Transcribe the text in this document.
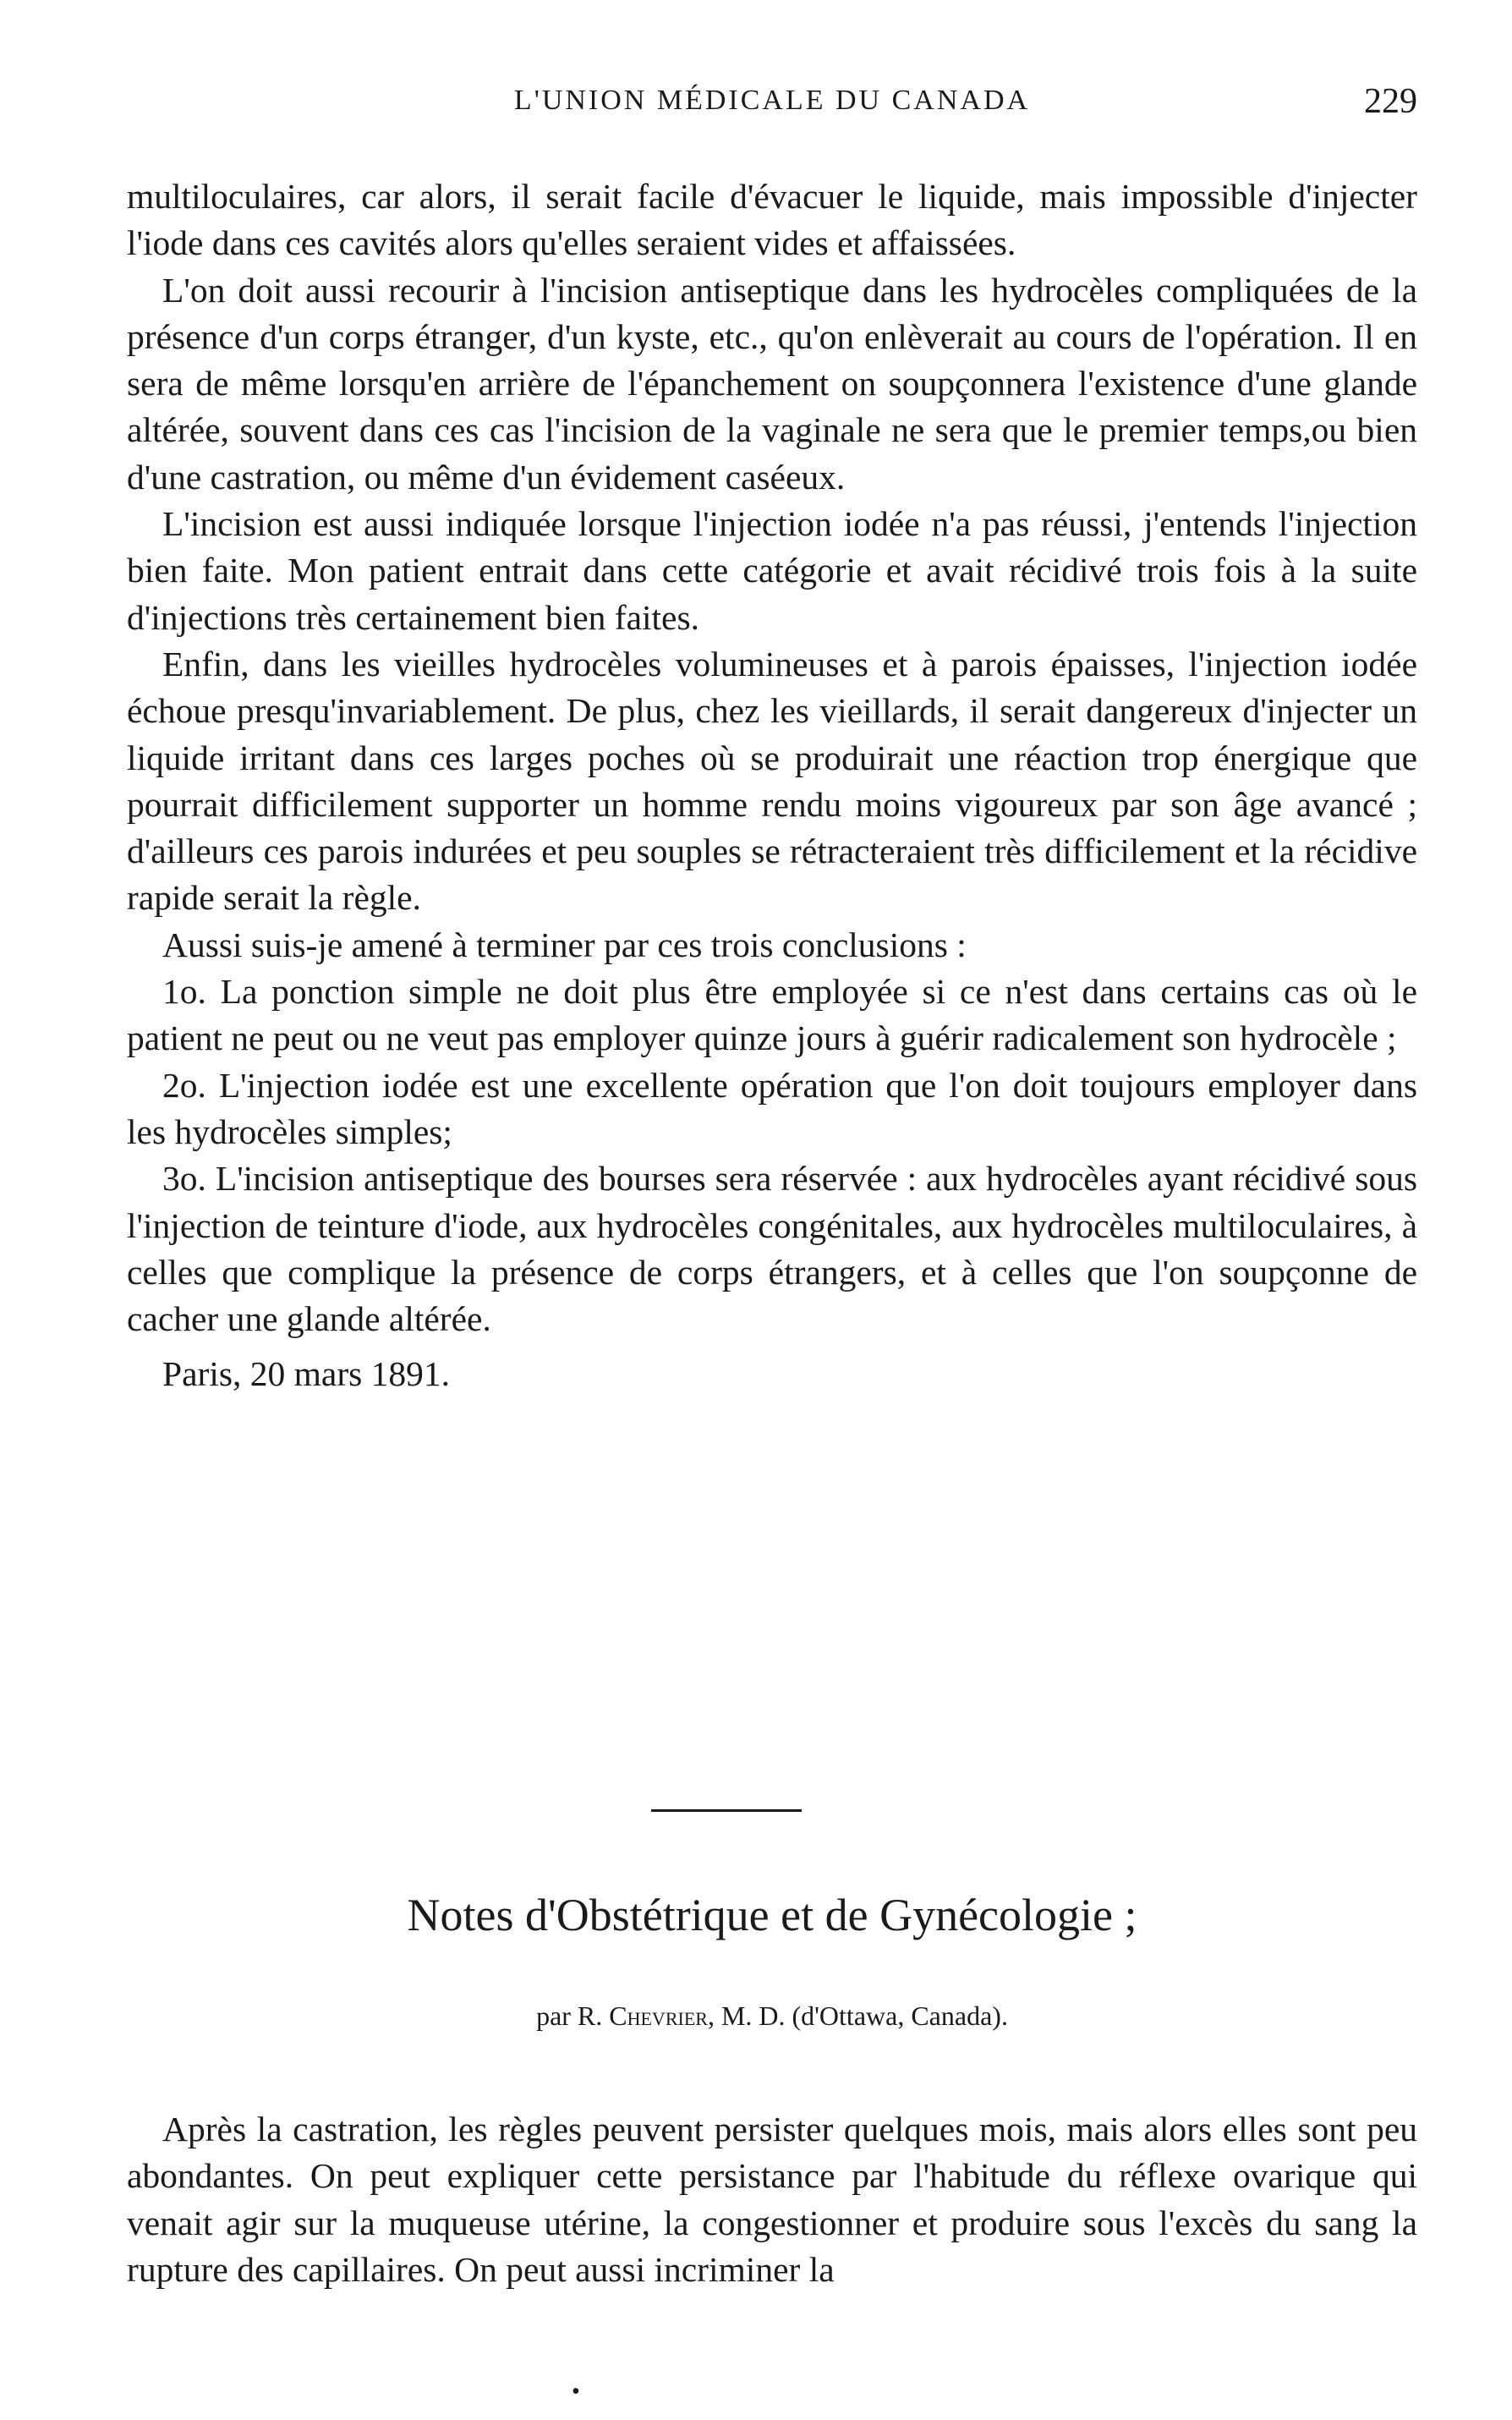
L'UNION MÉDICALE DU CANADA	229

multiloculaires, car alors, il serait facile d'évacuer le liquide, mais impossible d'injecter l'iode dans ces cavités alors qu'elles seraient vides et affaissées.

L'on doit aussi recourir à l'incision antiseptique dans les hydrocèles compliquées de la présence d'un corps étranger, d'un kyste, etc., qu'on enlèverait au cours de l'opération. Il en sera de même lorsqu'en arrière de l'épanchement on soupçonnera l'existence d'une glande altérée, souvent dans ces cas l'incision de la vaginale ne sera que le premier temps,ou bien d'une castration, ou même d'un évidement caséeux.

L'incision est aussi indiquée lorsque l'injection iodée n'a pas réussi, j'entends l'injection bien faite. Mon patient entrait dans cette catégorie et avait récidivé trois fois à la suite d'injections très certainement bien faites.

Enfin, dans les vieilles hydrocèles volumineuses et à parois épaisses, l'injection iodée échoue presqu'invariablement. De plus, chez les vieillards, il serait dangereux d'injecter un liquide irritant dans ces larges poches où se produirait une réaction trop énergique que pourrait difficilement supporter un homme rendu moins vigoureux par son âge avancé ; d'ailleurs ces parois indurées et peu souples se rétracteraient très difficilement et la récidive rapide serait la règle.

Aussi suis-je amené à terminer par ces trois conclusions :

1o. La ponction simple ne doit plus être employée si ce n'est dans certains cas où le patient ne peut ou ne veut pas employer quinze jours à guérir radicalement son hydrocèle ;

2o. L'injection iodée est une excellente opération que l'on doit toujours employer dans les hydrocèles simples;

3o. L'incision antiseptique des bourses sera réservée : aux hydrocèles ayant récidivé sous l'injection de teinture d'iode, aux hydrocèles congénitales, aux hydrocèles multiloculaires, à celles que complique la présence de corps étrangers, et à celles que l'on soupçonne de cacher une glande altérée.

Paris, 20 mars 1891.

Notes d'Obstétrique et de Gynécologie ;
par R. Chevrier, M. D. (d'Ottawa, Canada).

Après la castration, les règles peuvent persister quelques mois, mais alors elles sont peu abondantes. On peut expliquer cette persistance par l'habitude du réflexe ovarique qui venait agir sur la muqueuse utérine, la congestionner et produire sous l'excès du sang la rupture des capillaires. On peut aussi incriminer la

•
